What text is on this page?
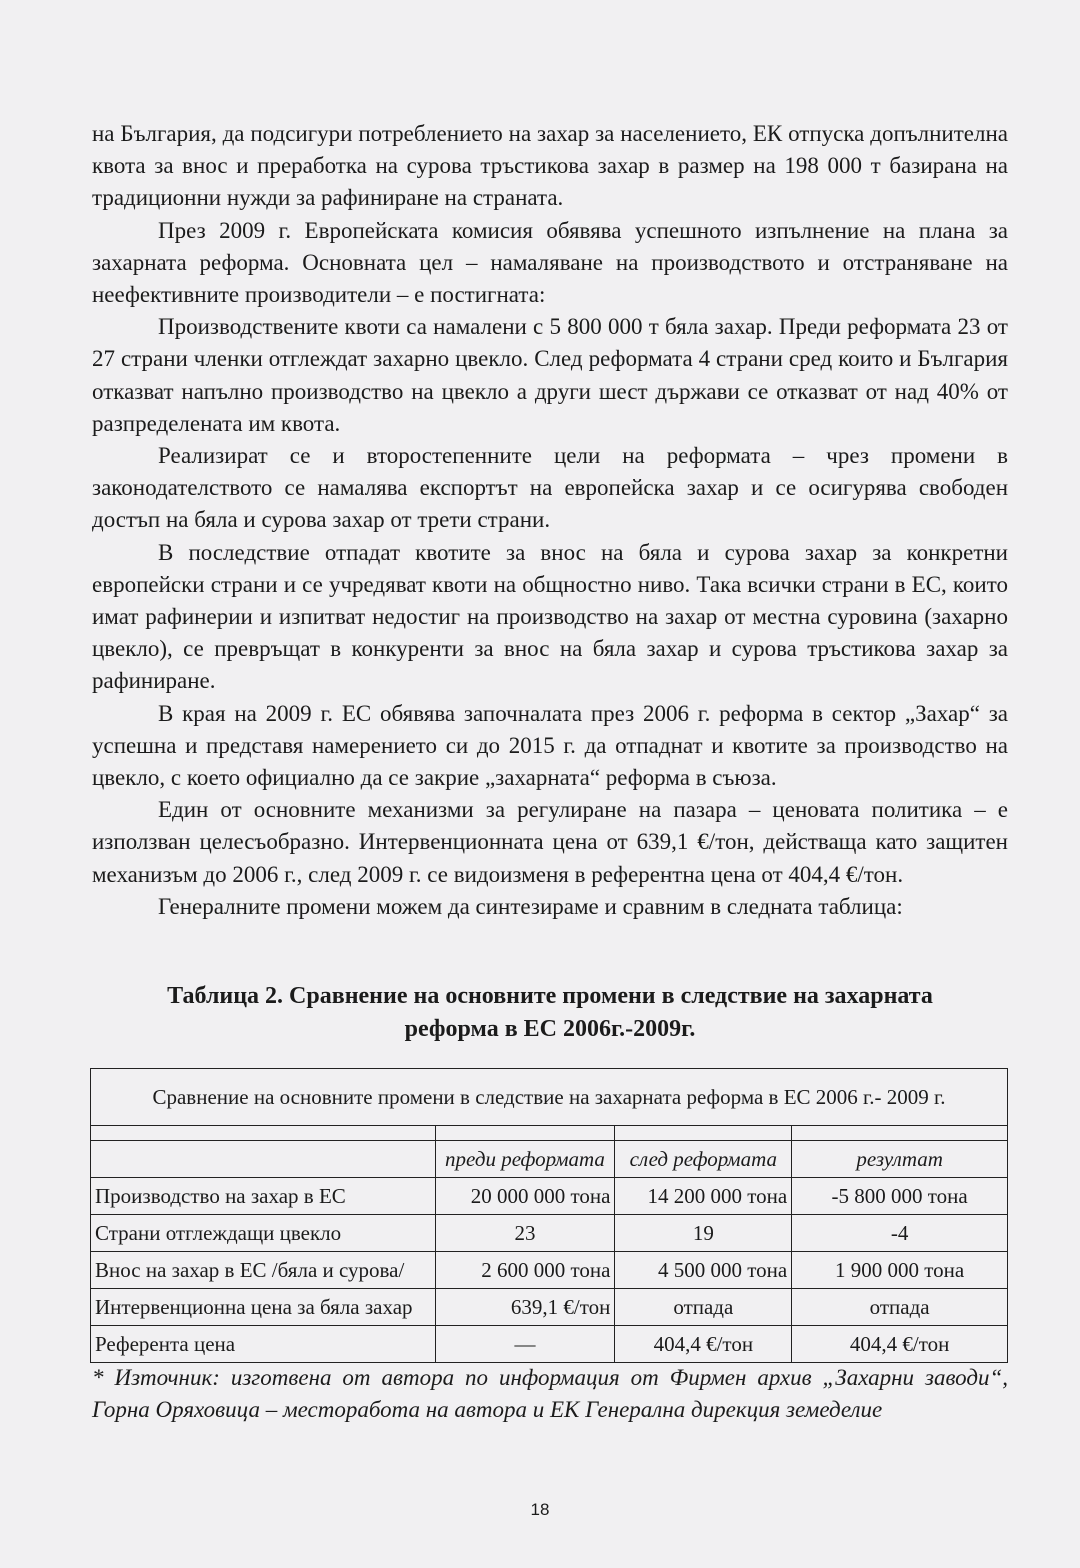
на България, да подсигури потреблението на захар за населението, ЕК отпуска допълнителна квота за внос и преработка на сурова тръстикова захар в размер на 198 000 т базирана на традиционни нужди за рафиниране на страната.

През 2009 г. Европейската комисия обявява успешното изпълнение на плана за захарната реформа. Основната цел – намаляване на производството и отстраняване на неефективните производители – е постигната:

Производствените квоти са намалени с 5 800 000 т бяла захар. Преди реформата 23 от 27 страни членки отглеждат захарно цвекло. След реформата 4 страни сред които и България отказват напълно производство на цвекло а други шест държави се отказват от над 40% от разпределената им квота.

Реализират се и второстепенните цели на реформата – чрез промени в законодателството се намалява експортът на европейска захар и се осигурява свободен достъп на бяла и сурова захар от трети страни.

В последствие отпадат квотите за внос на бяла и сурова захар за конкретни европейски страни и се учредяват квоти на общностно ниво. Така всички страни в ЕС, които имат рафинерии и изпитват недостиг на производство на захар от местна суровина (захарно цвекло), се превръщат в конкуренти за внос на бяла захар и сурова тръстикова захар за рафиниране.

В края на 2009 г. ЕС обявява започналата през 2006 г. реформа в сектор „Захар“ за успешна и представя намерението си до 2015 г. да отпаднат и квотите за производство на цвекло, с което официално да се закрие „захарната“ реформа в съюза.

Един от основните механизми за регулиране на пазара – ценовата политика – е използван целесъобразно. Интервенционната цена от 639,1 €/тон, действаща като защитен механизъм до 2006 г., след 2009 г. се видоизменя в референтна цена от 404,4 €/тон.

Генералните промени можем да синтезираме и сравним в следната таблица:

Таблица 2. Сравнение на основните промени в следствие на захарната
реформа в ЕС 2006г.-2009г.
Сравнение на основните промени в следствие на захарната реформа в ЕС 2006 г.- 2009 г.			

	преди реформата	след реформата	резултат
Производство на захар в ЕС	20 000 000 тона	14 200 000 тона	-5 800 000 тона
Страни отглеждащи цвекло	23	19	-4
Внос на захар в ЕС /бяла и сурова/	2 600 000 тона	4 500 000 тона	1 900 000 тона
Интервенционна цена за бяла захар	639,1 €/тон	отпада	отпада
Референта цена	—	404,4 €/тон	404,4 €/тон
* Източник: изготвена от автора по информация от Фирмен архив „Захарни заводи“, Горна Оряховица – месторабота на автора и ЕК Генерална дирекция земеделие
18
